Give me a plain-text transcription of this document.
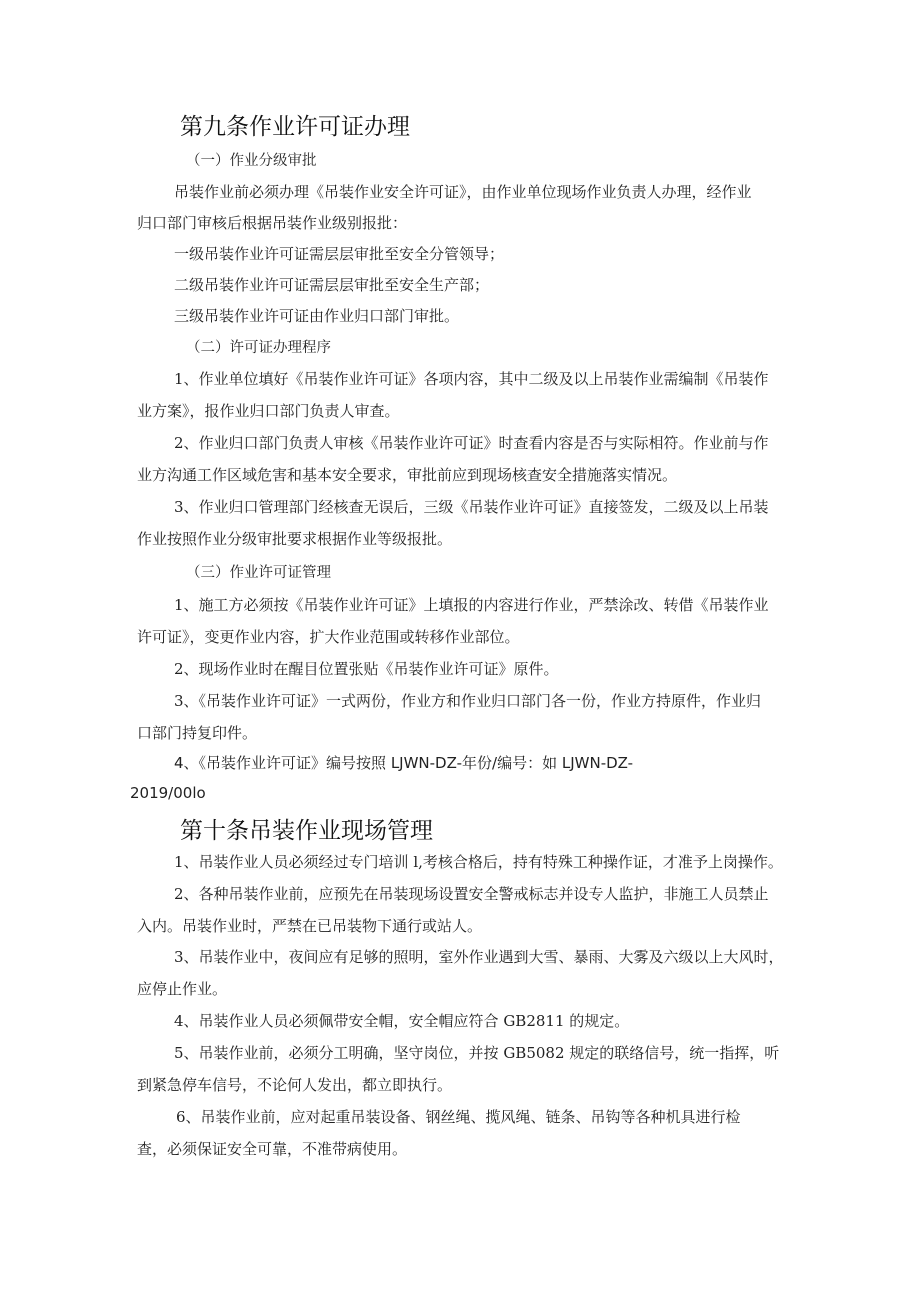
第九条作业许可证办理
（一）作业分级审批
吊装作业前必须办理《吊装作业安全许可证》，由作业单位现场作业负责人办理，经作业
归口部门审核后根据吊装作业级别报批：
一级吊装作业许可证需层层审批至安全分管领导；
二级吊装作业许可证需层层审批至安全生产部；
三级吊装作业许可证由作业归口部门审批。
（二）许可证办理程序
1、作业单位填好《吊装作业许可证》各项内容，其中二级及以上吊装作业需编制《吊装作
业方案》，报作业归口部门负责人审查。
2、作业归口部门负责人审核《吊装作业许可证》时查看内容是否与实际相符。作业前与作
业方沟通工作区域危害和基本安全要求，审批前应到现场核查安全措施落实情况。
3、作业归口管理部门经核查无误后，三级《吊装作业许可证》直接签发，二级及以上吊装
作业按照作业分级审批要求根据作业等级报批。
（三）作业许可证管理
1、施工方必须按《吊装作业许可证》上填报的内容进行作业，严禁涂改、转借《吊装作业
许可证》，变更作业内容，扩大作业范围或转移作业部位。
2、现场作业时在醒目位置张贴《吊装作业许可证》原件。
3、《吊装作业许可证》一式两份，作业方和作业归口部门各一份，作业方持原件，作业归
口部门持复印件。
4、《吊装作业许可证》编号按照 LJWN-DZ-年份/编号：如 LJWN-DZ-
2019/00lo
第十条吊装作业现场管理
1、吊装作业人员必须经过专门培训 l,考核合格后，持有特殊工种操作证，才准予上岗操作。
2、各种吊装作业前，应预先在吊装现场设置安全警戒标志并设专人监护，非施工人员禁止
入内。吊装作业时，严禁在已吊装物下通行或站人。
3、吊装作业中，夜间应有足够的照明，室外作业遇到大雪、暴雨、大雾及六级以上大风时，
应停止作业。
4、吊装作业人员必须佩带安全帽，安全帽应符合 GB2811 的规定。
5、吊装作业前，必须分工明确，坚守岗位，并按 GB5082 规定的联络信号，统一指挥，听
到紧急停车信号，不论何人发出，都立即执行。
6、吊装作业前，应对起重吊装设备、钢丝绳、揽风绳、链条、吊钩等各种机具进行检
查，必须保证安全可靠，不准带病使用。
